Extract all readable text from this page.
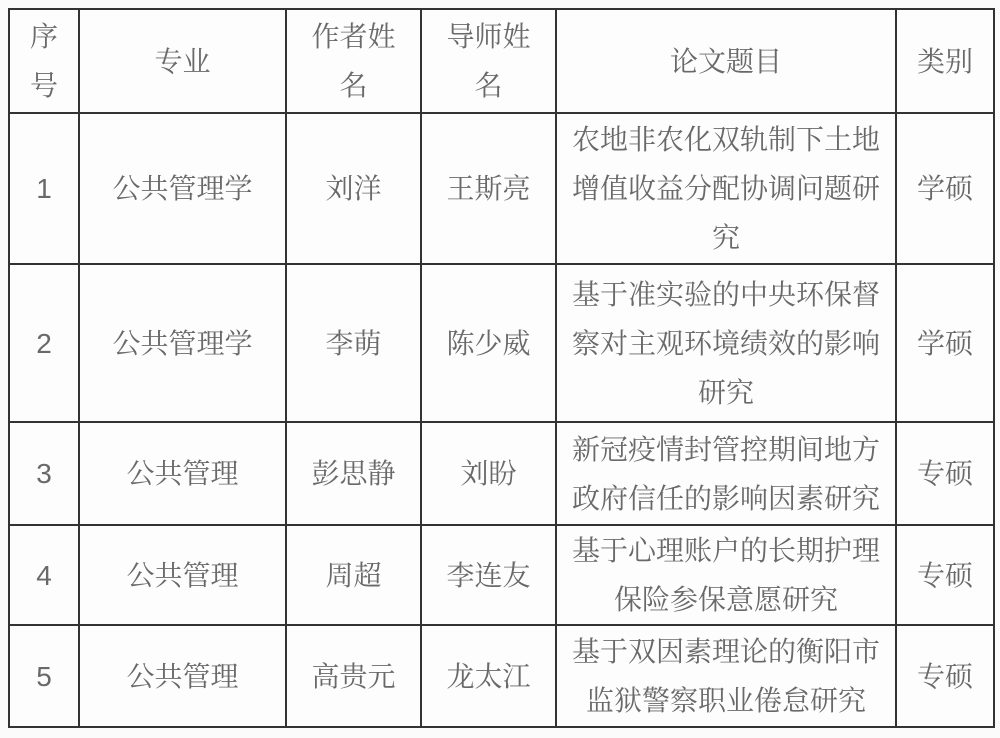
序号	专业	作者姓名	导师姓名	论文题目	类别
1	公共管理学	刘洋	王斯亮	农地非农化双轨制下土地增值收益分配协调问题研究	学硕
2	公共管理学	李萌	陈少威	基于准实验的中央环保督察对主观环境绩效的影响研究	学硕
3	公共管理	彭思静	刘盼	新冠疫情封管控期间地方政府信任的影响因素研究	专硕
4	公共管理	周超	李连友	基于心理账户的长期护理保险参保意愿研究	专硕
5	公共管理	高贵元	龙太江	基于双因素理论的衡阳市监狱警察职业倦怠研究	专硕
